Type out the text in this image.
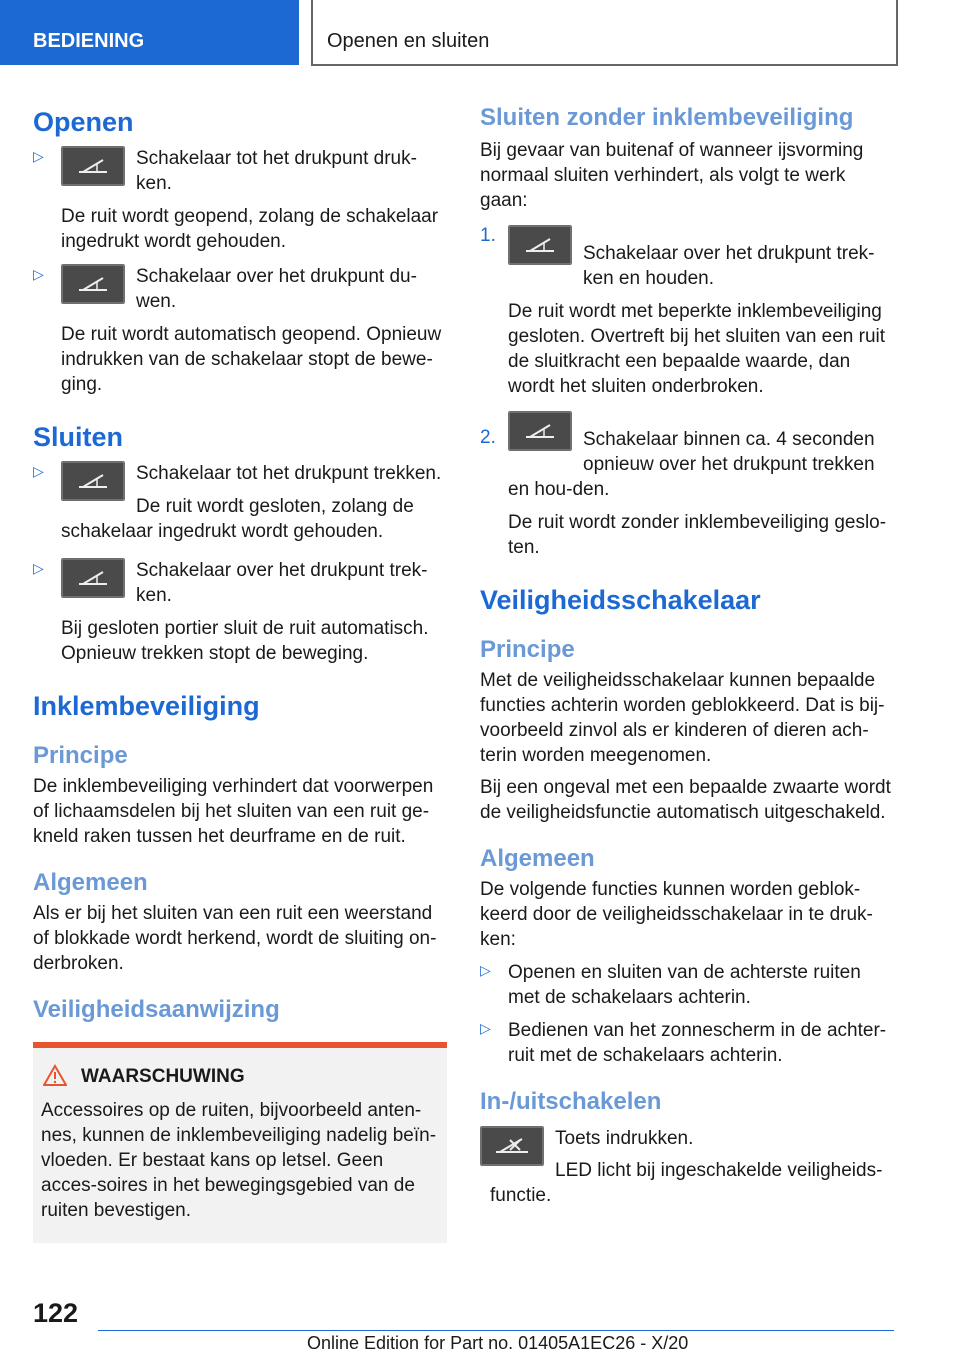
BEDIENING	Openen en sluiten
Openen
▷	Schakelaar tot het drukpunt druk-ken.

De ruit wordt geopend, zolang de schakelaar ingedrukt wordt gehouden.

▷	Schakelaar over het drukpunt du-wen.

De ruit wordt automatisch geopend. Opnieuw indrukken van de schakelaar stopt de bewe-ging.

Sluiten
▷	Schakelaar tot het drukpunt trekken.

De ruit wordt gesloten, zolang de schakelaar ingedrukt wordt gehouden.

▷	Schakelaar over het drukpunt trek-ken.

Bij gesloten portier sluit de ruit automatisch. Opnieuw trekken stopt de beweging.

Inklembeveiliging
Principe

De inklembeveiliging verhindert dat voorwerpen of lichaamsdelen bij het sluiten van een ruit ge-kneld raken tussen het deurframe en de ruit.

Algemeen

Als er bij het sluiten van een ruit een weerstand of blokkade wordt herkend, wordt de sluiting on-derbroken.

Veiligheidsaanwijzing
WAARSCHUWING

Accessoires op de ruiten, bijvoorbeeld anten-nes, kunnen de inklembeveiliging nadelig beïn-vloeden. Er bestaat kans op letsel. Geen acces-soires in het bewegingsgebied van de ruiten bevestigen.

Sluiten zonder inklembeveiliging

Bij gevaar van buitenaf of wanneer ijsvorming normaal sluiten verhindert, als volgt te werk gaan:

1.

Schakelaar over het drukpunt trek-ken en houden.

De ruit wordt met beperkte inklembeveiliging gesloten. Overtreft bij het sluiten van een ruit de sluitkracht een bepaalde waarde, dan wordt het sluiten onderbroken.

2.	Schakelaar binnen ca. 4 seconden opnieuw over het drukpunt trekken en hou-den.

De ruit wordt zonder inklembeveiliging geslo-ten.

Veiligheidsschakelaar
Principe

Met de veiligheidsschakelaar kunnen bepaalde functies achterin worden geblokkeerd. Dat is bij-voorbeeld zinvol als er kinderen of dieren ach-terin worden meegenomen.

Bij een ongeval met een bepaalde zwaarte wordt de veiligheidsfunctie automatisch uitgeschakeld.

Algemeen

De volgende functies kunnen worden geblok-keerd door de veiligheidsschakelaar in te druk-ken:

▷ Openen en sluiten van de achterste ruiten met de schakelaars achterin.

▷ Bedienen van het zonnescherm in de achter-ruit met de schakelaars achterin.

In-/uitschakelen

Toets indrukken.

LED licht bij ingeschakelde veiligheids-functie.

122
Online Edition for Part no. 01405A1EC26 - X/20
